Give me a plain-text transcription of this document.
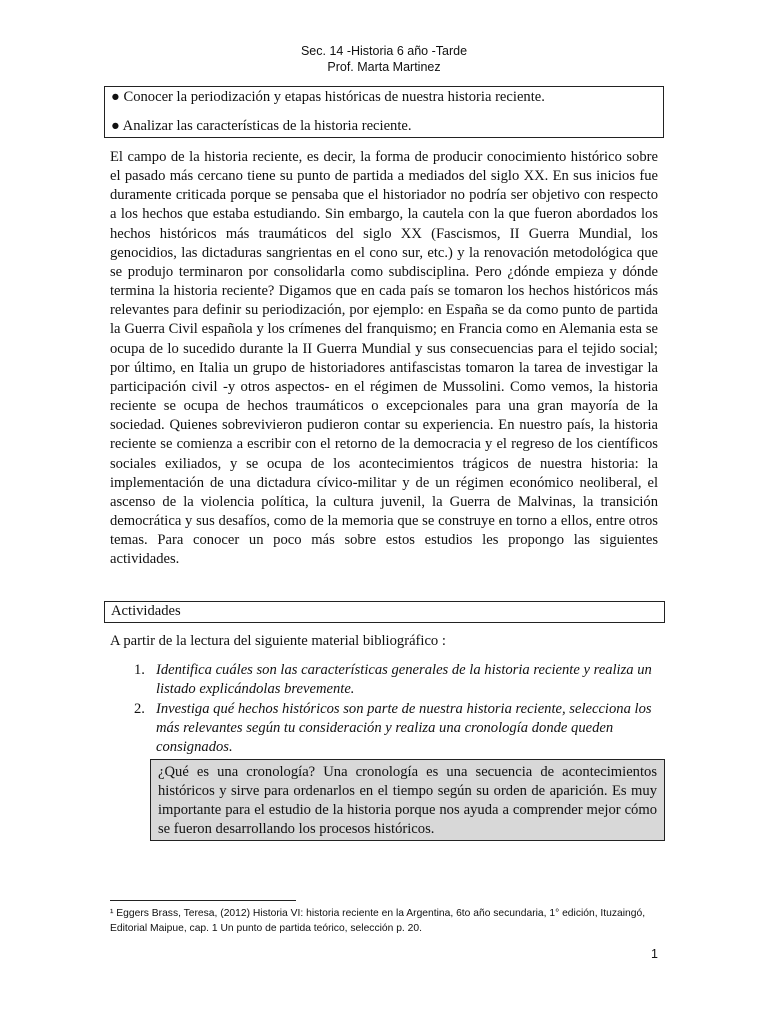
Sec. 14 -Historia 6 año -Tarde
Prof. Marta Martinez
● Conocer la periodización y etapas históricas de nuestra historia reciente.
● Analizar las características de la historia reciente.
El campo de la historia reciente, es decir, la forma de producir conocimiento histórico sobre el pasado más cercano tiene su punto de partida a mediados del siglo XX. En sus inicios fue duramente criticada porque se pensaba que el historiador no podría ser objetivo con respecto a los hechos que estaba estudiando. Sin embargo, la cautela con la que fueron abordados los hechos históricos más traumáticos del siglo XX (Fascismos, II Guerra Mundial, los genocidios, las dictaduras sangrientas en el cono sur, etc.) y la renovación metodológica que se produjo terminaron por consolidarla como subdisciplina. Pero ¿dónde empieza y dónde termina la historia reciente? Digamos que en cada país se tomaron los hechos históricos más relevantes para definir su periodización, por ejemplo: en España se da como punto de partida la Guerra Civil española y los crímenes del franquismo; en Francia como en Alemania esta se ocupa de lo sucedido durante la II Guerra Mundial y sus consecuencias para el tejido social; por último, en Italia un grupo de historiadores antifascistas tomaron la tarea de investigar la participación civil -y otros aspectos- en el régimen de Mussolini. Como vemos, la historia reciente se ocupa de hechos traumáticos o excepcionales para una gran mayoría de la sociedad. Quienes sobrevivieron pudieron contar su experiencia. En nuestro país, la historia reciente se comienza a escribir con el retorno de la democracia y el regreso de los científicos sociales exiliados, y se ocupa de los acontecimientos trágicos de nuestra historia: la implementación de una dictadura cívico-militar y de un régimen económico neoliberal, el ascenso de la violencia política, la cultura juvenil, la Guerra de Malvinas, la transición democrática y sus desafíos, como de la memoria que se construye en torno a ellos, entre otros temas. Para conocer un poco más sobre estos estudios les propongo las siguientes actividades.
Actividades
A partir de la lectura del siguiente material bibliográfico :
1. Identifica cuáles son las características generales de la historia reciente y realiza un listado explicándolas brevemente.
2. Investiga qué hechos históricos son parte de nuestra historia reciente, selecciona los más relevantes según tu consideración y realiza una cronología donde queden consignados.
¿Qué es una cronología? Una cronología es una secuencia de acontecimientos históricos y sirve para ordenarlos en el tiempo según su orden de aparición. Es muy importante para el estudio de la historia porque nos ayuda a comprender mejor cómo se fueron desarrollando los procesos históricos.
¹ Eggers Brass, Teresa, (2012) Historia VI: historia reciente en la Argentina, 6to año secundaria, 1° edición, Ituzaingó, Editorial Maipue, cap. 1 Un punto de partida teórico, selección p. 20.
1
